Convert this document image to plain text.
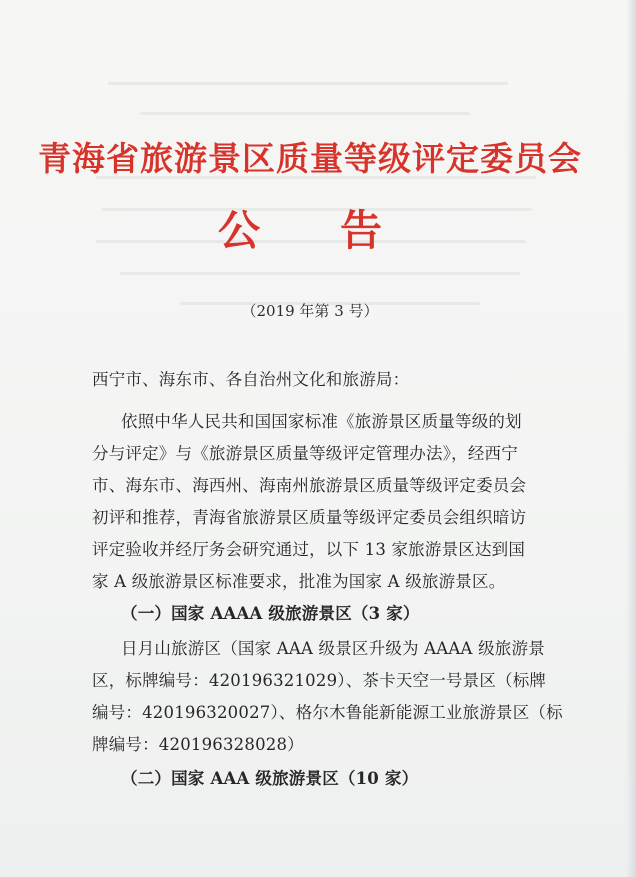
青海省旅游景区质量等级评定委员会
公 告
（2019 年第 3 号）
西宁市、海东市、各自治州文化和旅游局：
依照中华人民共和国国家标准《旅游景区质量等级的划
分与评定》与《旅游景区质量等级评定管理办法》，经西宁
市、海东市、海西州、海南州旅游景区质量等级评定委员会
初评和推荐，青海省旅游景区质量等级评定委员会组织暗访
评定验收并经厅务会研究通过，以下 13 家旅游景区达到国
家 A 级旅游景区标准要求，批准为国家 A 级旅游景区。
（一）国家 AAAA 级旅游景区（3 家）
日月山旅游区（国家 AAA 级景区升级为 AAAA 级旅游景
区，标牌编号：420196321029）、茶卡天空一号景区（标牌
编号：420196320027）、格尔木鲁能新能源工业旅游景区（标
牌编号：420196328028）
（二）国家 AAA 级旅游景区（10 家）
